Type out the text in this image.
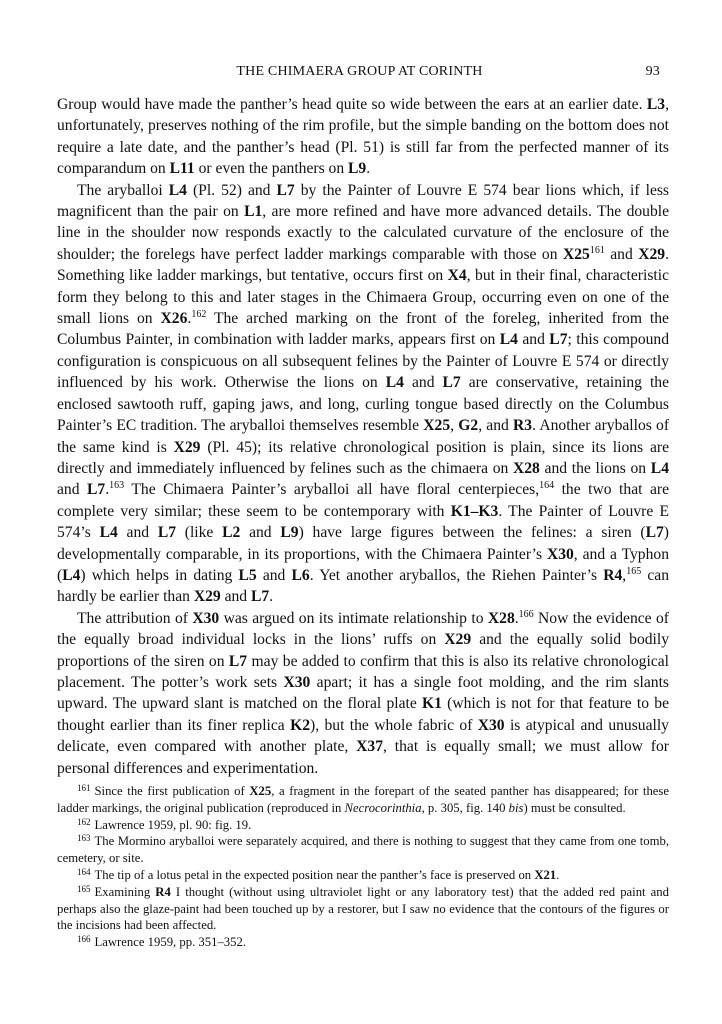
THE CHIMAERA GROUP AT CORINTH	93

Group would have made the panther’s head quite so wide between the ears at an earlier date. L3, unfortunately, preserves nothing of the rim profile, but the simple banding on the bottom does not require a late date, and the panther’s head (Pl. 51) is still far from the perfected manner of its comparandum on L11 or even the panthers on L9.

The aryballoi L4 (Pl. 52) and L7 by the Painter of Louvre E 574 bear lions which, if less magnificent than the pair on L1, are more refined and have more advanced details. The double line in the shoulder now responds exactly to the calculated curvature of the enclosure of the shoulder; the forelegs have perfect ladder markings comparable with those on $X25^{161}$ and X29. Something like ladder markings, but tentative, occurs first on X4, but in their final, characteristic form they belong to this and later stages in the Chimaera Group, occurring even on one of the small lions on X26.$^{162}$ The arched marking on the front of the foreleg, inherited from the Columbus Painter, in combination with ladder marks, appears first on L4 and L7; this compound configuration is conspicuous on all subsequent felines by the Painter of Louvre E 574 or directly influenced by his work. Otherwise the lions on L4 and L7 are conservative, retaining the enclosed sawtooth ruff, gaping jaws, and long, curling tongue based directly on the Columbus Painter’s EC tradition. The aryballoi themselves resemble X25, G2, and R3. Another aryballos of the same kind is X29 (Pl. 45); its relative chronological position is plain, since its lions are directly and immediately influenced by felines such as the chimaera on X28 and the lions on L4 and L7.$^{163}$ The Chimaera Painter’s aryballoi all have floral centerpieces,$^{164}$ the two that are complete very similar; these seem to be contemporary with K1–K3. The Painter of Louvre E 574’s L4 and L7 (like L2 and L9) have large figures between the felines: a siren (L7) developmentally comparable, in its proportions, with the Chimaera Painter’s X30, and a Typhon (L4) which helps in dating L5 and L6. Yet another aryballos, the Riehen Painter’s R4,$^{165}$ can hardly be earlier than X29 and L7.

The attribution of X30 was argued on its intimate relationship to X28.$^{166}$ Now the evidence of the equally broad individual locks in the lions’ ruffs on X29 and the equally solid bodily proportions of the siren on L7 may be added to confirm that this is also its relative chronological placement. The potter’s work sets X30 apart; it has a single foot molding, and the rim slants upward. The upward slant is matched on the floral plate K1 (which is not for that feature to be thought earlier than its finer replica K2), but the whole fabric of X30 is atypical and unusually delicate, even compared with another plate, X37, that is equally small; we must allow for personal differences and experimentation.

$^{161}$ Since the first publication of X25, a fragment in the forepart of the seated panther has disappeared; for these ladder markings, the original publication (reproduced in Necrocorinthia, p. 305, fig. 140 bis) must be consulted.

$^{162}$ Lawrence 1959, pl. 90: fig. 19.

$^{163}$ The Mormino aryballoi were separately acquired, and there is nothing to suggest that they came from one tomb, cemetery, or site.

$^{164}$ The tip of a lotus petal in the expected position near the panther’s face is preserved on X21.

$^{165}$ Examining R4 I thought (without using ultraviolet light or any laboratory test) that the added red paint and perhaps also the glaze-paint had been touched up by a restorer, but I saw no evidence that the contours of the figures or the incisions had been affected.

$^{166}$ Lawrence 1959, pp. 351–352.
